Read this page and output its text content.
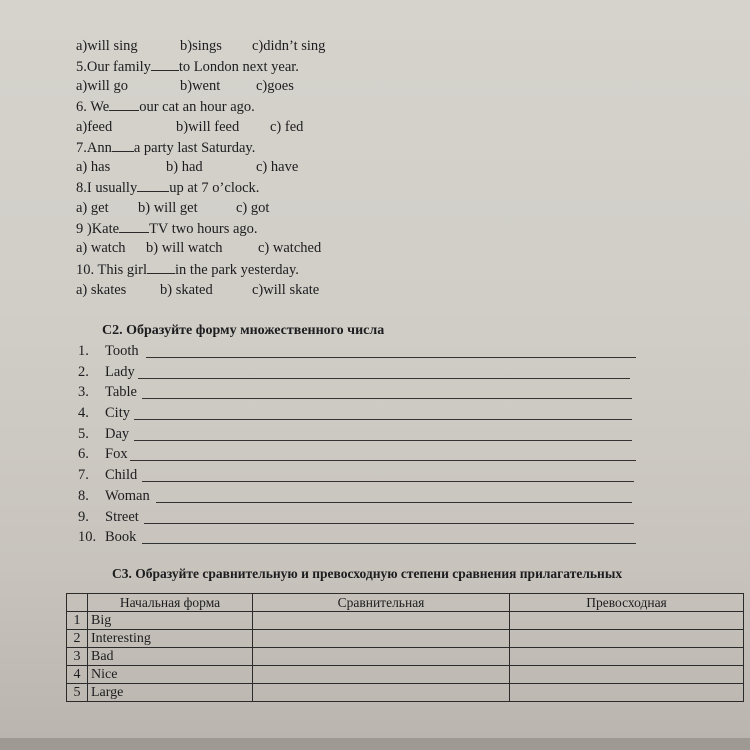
a)will sing	b)sings c)didn’t sing
5.Our family to London next year.
a)will go	b)went c)goes
6. We our cat an hour ago.
a)feed	b)will feed c) fed
7.Ann a party last Saturday.
a) has	b) had	c) have
8.I usually up at 7 o’clock.
a) get b) will get	c) got
9 )Kate TV two hours ago.
a) watch b) will watch c) watched
10. This girl in the park yesterday.
a) skates b) skated	c)will skate
C2. Образуйте форму множественного числа
1. Tooth
2. Lady
3. Table
4. City
5. Day
6. Fox
7. Child
8. Woman
9. Street
10. Book
C3. Образуйте сравнительную и превосходную степени сравнения прилагательных
	Начальная форма	Сравнительная	Превосходная
1	Big		
2	Interesting		
3	Bad		
4	Nice		
5	Large		
